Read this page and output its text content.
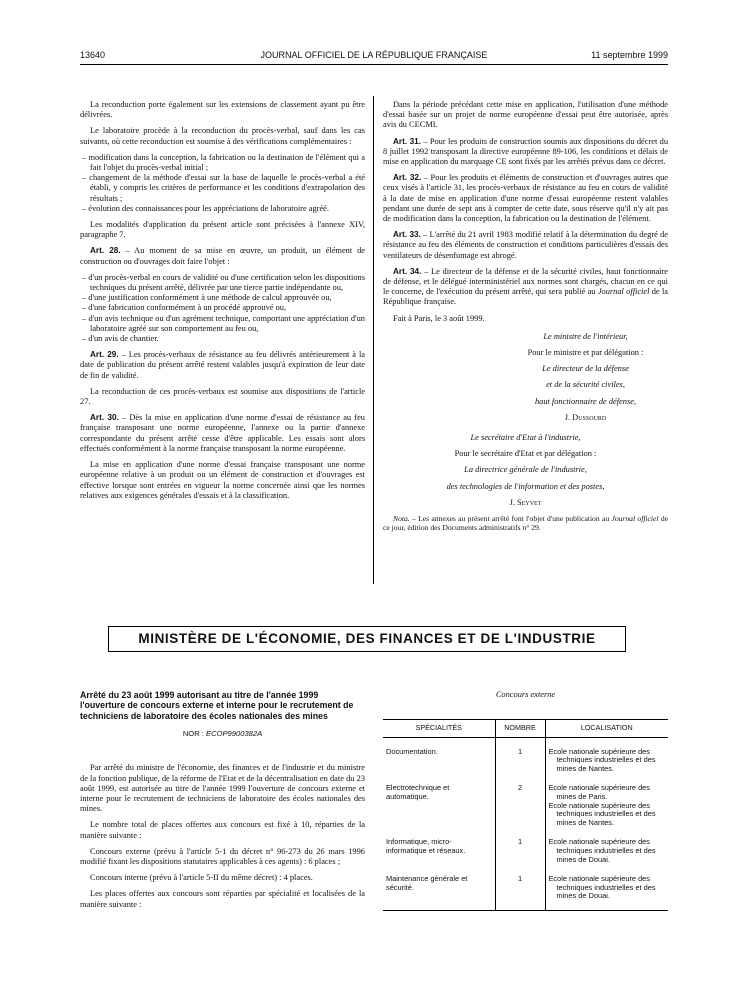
13640	JOURNAL OFFICIEL DE LA RÉPUBLIQUE FRANÇAISE	11 septembre 1999

La reconduction porte également sur les extensions de classement ayant pu être délivrées.

Le laboratoire procède à la reconduction du procès-verbal, sauf dans les cas suivants, où cette reconduction est soumise à des vérifications complémentaires :

– modification dans la conception, la fabrication ou la destination de l'élément qui a fait l'objet du procès-verbal initial ;
– changement de la méthode d'essai sur la base de laquelle le procès-verbal a été établi, y compris les critères de performance et les conditions d'extrapolation des résultats ;
– évolution des connaissances pour les appréciations de laboratoire agréé.

Les modalités d'application du présent article sont précisées à l'annexe XIV, paragraphe 7.

Art. 28. – Au moment de sa mise en œuvre, un produit, un élément de construction ou d'ouvrages doit faire l'objet :

– d'un procès-verbal en cours de validité ou d'une certification selon les dispositions techniques du présent arrêté, délivrée par une tierce partie indépendante ou,
– d'une justification conformément à une méthode de calcul approuvée ou,
– d'une fabrication conformément à un procédé approuvé ou,
– d'un avis technique ou d'un agrément technique, comportant une appréciation d'un laboratoire agréé sur son comportement au feu ou,
– d'un avis de chantier.

Art. 29. – Les procès-verbaux de résistance au feu délivrés antérieurement à la date de publication du présent arrêté restent valables jusqu'à expiration de leur date de fin de validité.

La reconduction de ces procès-verbaux est soumise aux dispositions de l'article 27.

Art. 30. – Dès la mise en application d'une norme d'essai de résistance au feu française transposant une norme européenne, l'annexe ou la partie d'annexe correspondante du présent arrêté cesse d'être applicable. Les essais sont alors effectués conformément à la norme française transposant la norme européenne.

La mise en application d'une norme d'essai française transposant une norme européenne relative à un produit ou un élément de construction et d'ouvrages est effective lorsque sont entrées en vigueur la norme concernée ainsi que les normes relatives aux exigences générales d'essais et à la classification.

Dans la période précédant cette mise en application, l'utilisation d'une méthode d'essai basée sur un projet de norme européenne d'essai peut être autorisée, après avis du CECMI.

Art. 31. – Pour les produits de construction soumis aux dispositions du décret du 8 juillet 1992 transposant la directive européenne 89-106, les conditions et délais de mise en application du marquage CE sont fixés par les arrêtés prévus dans ce décret.

Art. 32. – Pour les produits et éléments de construction et d'ouvrages autres que ceux visés à l'article 31, les procès-verbaux de résistance au feu en cours de validité à la date de mise en application d'une norme d'essai européenne restent valables pendant une durée de sept ans à compter de cette date, sous réserve qu'il n'y ait pas de modification dans la conception, la fabrication ou la destination de l'élément.

Art. 33. – L'arrêté du 21 avril 1983 modifié relatif à la détermination du degré de résistance au feu des éléments de construction et conditions particulières d'essais des ventilateurs de désenfumage est abrogé.

Art. 34. – Le directeur de la défense et de la sécurité civiles, haut fonctionnaire de défense, et le délégué interministériel aux normes sont chargés, chacun en ce qui le concerne, de l'exécution du présent arrêté, qui sera publié au Journal officiel de la République française.

Fait à Paris, le 3 août 1999.

Le ministre de l'intérieur,

Pour le ministre et par délégation :

Le directeur de la défense

et de la sécurité civiles,

haut fonctionnaire de défense,

J. Dussourd

Le secrétaire d'Etat à l'industrie,

Pour le secrétaire d'Etat et par délégation :

La directrice générale de l'industrie,

des technologies de l'information et des postes,

J. Seyvet

Nota. – Les annexes au présent arrêté font l'objet d'une publication au Journal officiel de ce jour, édition des Documents administratifs n° 29.

MINISTÈRE DE L'ÉCONOMIE, DES FINANCES ET DE L'INDUSTRIE

Arrêté du 23 août 1999 autorisant au titre de l'année 1999 l'ouverture de concours externe et interne pour le recrutement de techniciens de laboratoire des écoles nationales des mines

NOR : ECOP9900382A

Par arrêté du ministre de l'économie, des finances et de l'industrie et du ministre de la fonction publique, de la réforme de l'Etat et de la décentralisation en date du 23 août 1999, est autorisée au titre de l'année 1999 l'ouverture de concours externe et interne pour le recrutement de techniciens de laboratoire des écoles nationales des mines.

Le nombre total de places offertes aux concours est fixé à 10, réparties de la manière suivante :

Concours externe (prévu à l'article 5-1 du décret n° 96-273 du 26 mars 1996 modifié fixant les dispositions statutaires applicables à ces agents) : 6 places ;

Concours interne (prévu à l'article 5-II du même décret) : 4 places.

Les places offertes aux concours sont réparties par spécialité et localisées de la manière suivante :

Concours externe

SPÉCIALITÉS	NOMBRE	LOCALISATION
Documentation.	1	Ecole nationale supérieure des techniques industrielles et des mines de Nantes.

Electrotechnique et automatique.	2	Ecole nationale supérieure des mines de Paris.
Ecole nationale supérieure des techniques industrielles et des mines de Nantes.

Informatique, micro-informatique et réseaux.	1	Ecole nationale supérieure des techniques industrielles et des mines de Douai.

Maintenance générale et sécurité.	1	Ecole nationale supérieure des techniques industrielles et des mines de Douai.
